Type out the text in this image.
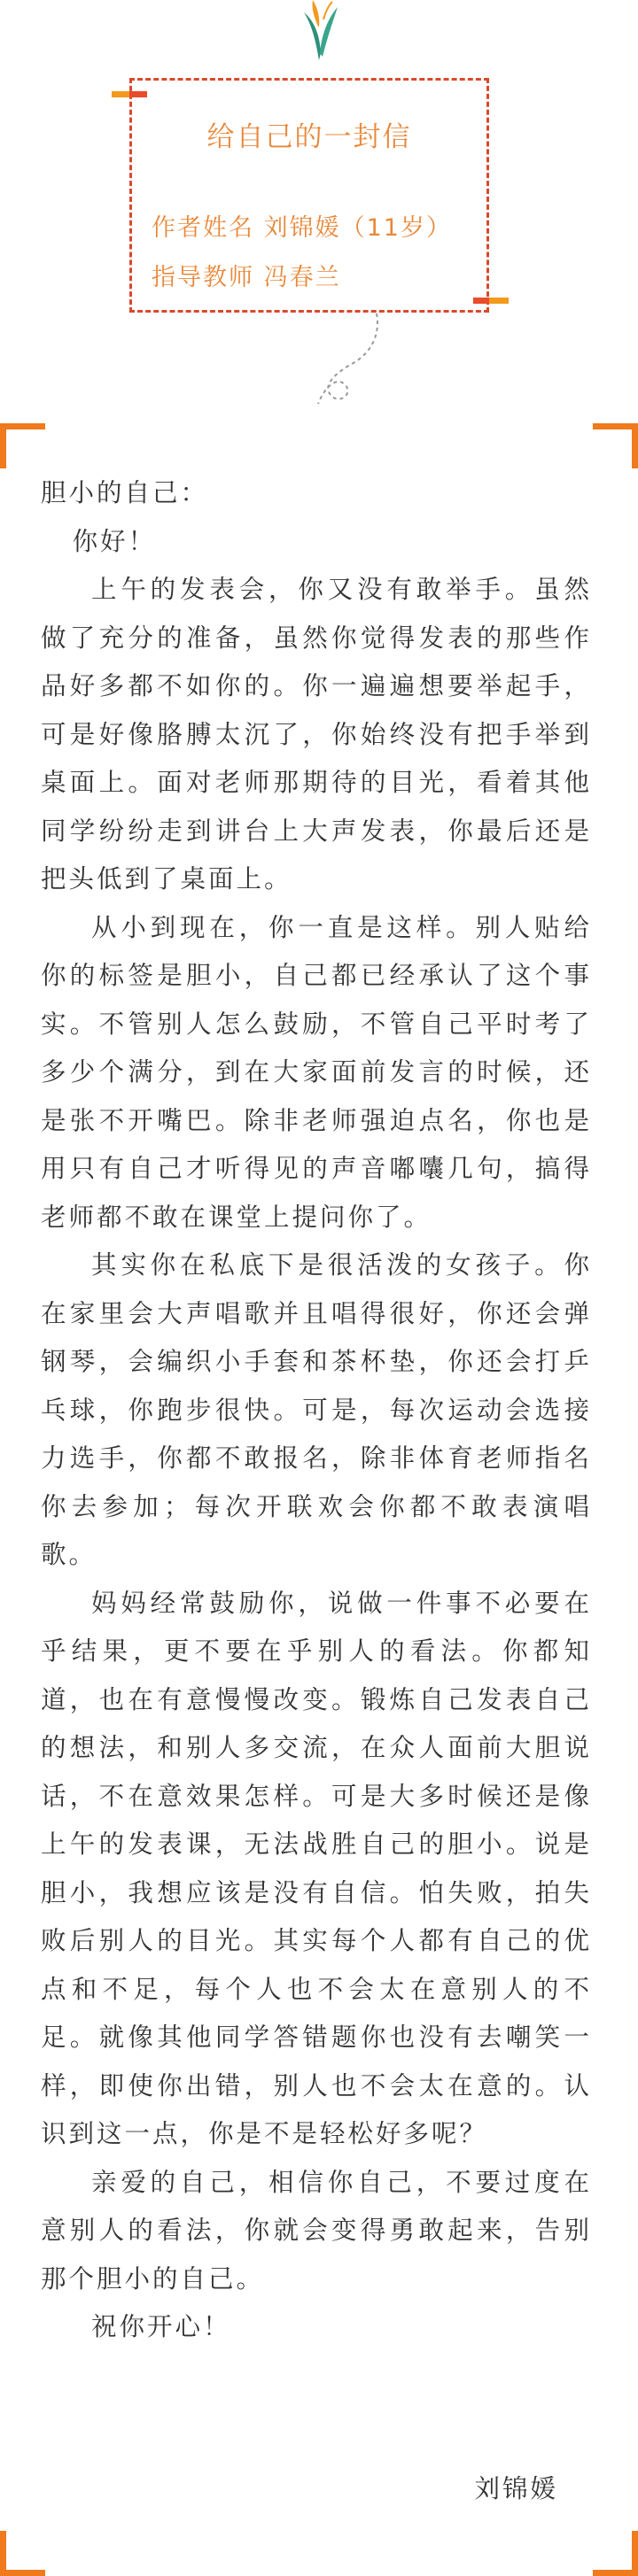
给自己的一封信
作者姓名 刘锦媛（11岁）
指导教师 冯春兰

胆小的自己：

你好！

上午的发表会，你又没有敢举手。虽然做了充分的准备，虽然你觉得发表的那些作品好多都不如你的。你一遍遍想要举起手，可是好像胳膊太沉了，你始终没有把手举到桌面上。面对老师那期待的目光，看着其他同学纷纷走到讲台上大声发表，你最后还是把头低到了桌面上。

从小到现在，你一直是这样。别人贴给你的标签是胆小，自己都已经承认了这个事实。不管别人怎么鼓励，不管自己平时考了多少个满分，到在大家面前发言的时候，还是张不开嘴巴。除非老师强迫点名，你也是用只有自己才听得见的声音嘟囔几句，搞得老师都不敢在课堂上提问你了。

其实你在私底下是很活泼的女孩子。你在家里会大声唱歌并且唱得很好，你还会弹钢琴，会编织小手套和茶杯垫，你还会打乒乓球，你跑步很快。可是，每次运动会选接力选手，你都不敢报名，除非体育老师指名你去参加；每次开联欢会你都不敢表演唱歌。

妈妈经常鼓励你，说做一件事不必要在乎结果，更不要在乎别人的看法。你都知道，也在有意慢慢改变。锻炼自己发表自己的想法，和别人多交流，在众人面前大胆说话，不在意效果怎样。可是大多时候还是像上午的发表课，无法战胜自己的胆小。说是胆小，我想应该是没有自信。怕失败，拍失败后别人的目光。其实每个人都有自己的优点和不足，每个人也不会太在意别人的不足。就像其他同学答错题你也没有去嘲笑一样，即使你出错，别人也不会太在意的。认识到这一点，你是不是轻松好多呢？

亲爱的自己，相信你自己，不要过度在意别人的看法，你就会变得勇敢起来，告别那个胆小的自己。

祝你开心！

刘锦媛
